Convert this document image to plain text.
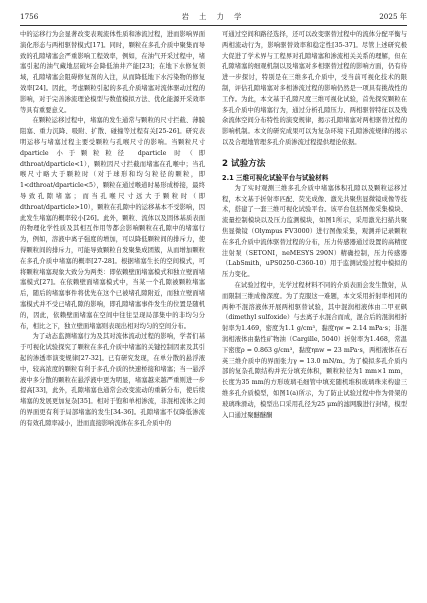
1756	岩 土 力 学	2025 年

中的运移行为会显著改变表观流体性质和渗流过程，进而影响界面演化形态与两相驱替模式[17]。同时，颗粒在多孔介质中聚集而导致的孔隙堵塞会严重影响工程效率，例如，在油气开采过程中，堵塞引起的油气藏地层破坏会降低油井产能[23]；在地下水修复领域，孔隙堵塞会阻碍修复剂的入注，从而降低地下水污染物的修复效率[24]。因此，考虑颗粒引起的多孔介质堵塞对流体驱动过程的影响，对于完善渗流理论模型与数值模拟方法、优化能源开采效率等具有重要意义。

在颗粒运移过程中，堵塞的发生通常与颗粒的尺寸拦截、薄膜阻塞、重力沉降、吸附、扩散、碰撞等过程有关[25-26]。研究表明运移与堵塞过程主要受颗粒与孔喉尺寸的影响。当颗粒尺寸 dparticle 小于颗粒粒径 dparticle 时（即 dthroat/dparticle<1），颗粒因尺寸拦截而堵塞在孔喉中；当孔喉尺寸略大于颗粒时（对于球形和均匀粒径的颗粒，即1<dthroat/dparticle<5），颗粒在通过喉道时易形成桥接，最终导致孔隙堵塞；而当孔喉尺寸远大于颗粒时（即 dthroat/dparticle>10），颗粒在孔隙中的运移基本不受影响，因此发生堵塞的概率较小[26]。此外，颗粒、流体以及固体基质表面的物理化学性质及其相互作用等都会影响颗粒在孔隙中的堵塞行为，例如，溶液中离子强度的增加，可以降低颗粒间的排斥力，使得颗粒间的排斥力，可能导致颗粒自发聚集成团簇，从而增加颗粒在多孔介质中堵塞的概率[27-28]。根据堵塞生长的空间模式，可将颗粒堵塞现象大致分为两类：即依赖壁面堵塞模式和独立壁面堵塞模式[27]。在依赖壁面堵塞模式中，当某一个孔隙被颗粒堵塞后，随后的堵塞事件将优先在这个已被堵孔隙附近，而独立壁面堵塞模式并不受已堵孔隙的影响，即孔隙堵塞事件发生的位置是随机的，因此，依赖壁面堵塞在空间中往往呈现局部集中的非均匀分布，相比之下，独立壁面堵塞则表现出相对均匀的空间分布。

为了动态监测堵塞行为及其对流体流动过程的影响，学者们基于可视化试验探究了颗粒在多孔介质中堵塞的关键控制因素及其引起的渗透率演变规律[27-32]。已有研究发现，在单分散的悬浮液中，较高浓度的颗粒有利于多孔介质的快速桥接和堵塞；当一悬浮液中多分散的颗粒在悬浮液中更为明显，堵塞越来越严重则进一步提高[33]，此外，孔隙堵塞也通常会改变流动的重新分布，使后续堵塞的发展更加复杂[35]。相对于饱和单相渗流，非混相流体之间的界面更有利于局部堵塞的发生[34-36]。孔隙堵塞不仅降低渗流的有效孔隙率减小，进而直接影响流体在多孔介质中的

可通过空间和路径选择，还可以改变驱替过程中的流体分配平衡与两相流动行为，影响驱替效率和稳定性[35-37]。尽管上述研究极大促进了学术界与工程界对孔隙堵塞和渗流相关关系的理解，但在孔隙堵塞的细观机制以及堵塞对多相驱替过程的影响方面，仍有待进一步探讨，特别是在三维多孔介质中，受当前可视化技术的限制，评估孔隙堵塞对多相渗流过程的影响仍然是一项具有挑战性的工作。为此，本文基于孔隙尺度三维可视化试验，首先探究颗粒在多孔介质中的堵塞行为，通过分析孔隙压力、两相驱替特征以及残余流体空间分布特性的演变规律，揭示孔隙堵塞对两相驱替过程的影响机制。本文的研究成果可以为复杂环境下孔隙渗流规律的揭示以及合理地管理多孔介质渗流过程提供理论依据。

2 试验方法
2.1 三维可视化试验平台与试验材料

为了实时观测三维多孔介质中堵塞体积孔隙以及颗粒运移过程，本文基于折射率匹配、荧光成像、激光共聚焦显微镜成像等技术，搭建了一套三维可视化试验平台。该平台包括图像采集模块、流量控制模块以及压力监测模块，如图1所示，采用激光扫描共聚焦显微镜（Olympus FV3000）进行图像采集，观测并记录颗粒在多孔介质中流体驱替过程的分布，压力传感器通过设置的高精度注射泵（SETONI，neMESYS 290N）精确控制，压力传感器（LabSmith，uPS0250-C360-10）用于监测试验过程中模拟的压力变化。

在试验过程中，光学过程材料不同的介质表面会发生散射，从而限制三维成像深度。为了克服这一难题，本文采用折射率相同的两种不混溶液体开展两相驱替试验，其中混润相液体由二甲亚砜（dimethyl sulfoxide）与去离子水混合而成，混合后的混润相折射率为1.469，密度为1.1 g/cm³，黏度ηw = 2.14 mPa·s；非混润相液体由黏性矿物油（Cargille, 5040）折射率为1.468，常温下密度ρ = 0.863 g/cm³，黏度ηnw = 23 mPa·s，两相液体在石英三维介质中的界面张力γ = 13.0 mN/m。为了模拟多孔介质内部的复杂孔隙结构并充分填充体积，颗粒粒径为1 mm×1 mm，长度为35 mm的方形玻璃毛细管中填充随机堆积玻璃珠来构建三维多孔介质模型，如图1(a)所示，为了防止试验过程中作为骨架的玻璃珠滑动，模型出口采用孔径为25 μm的滤网膜进行封堵，模型入口通过聚醚醚酮
